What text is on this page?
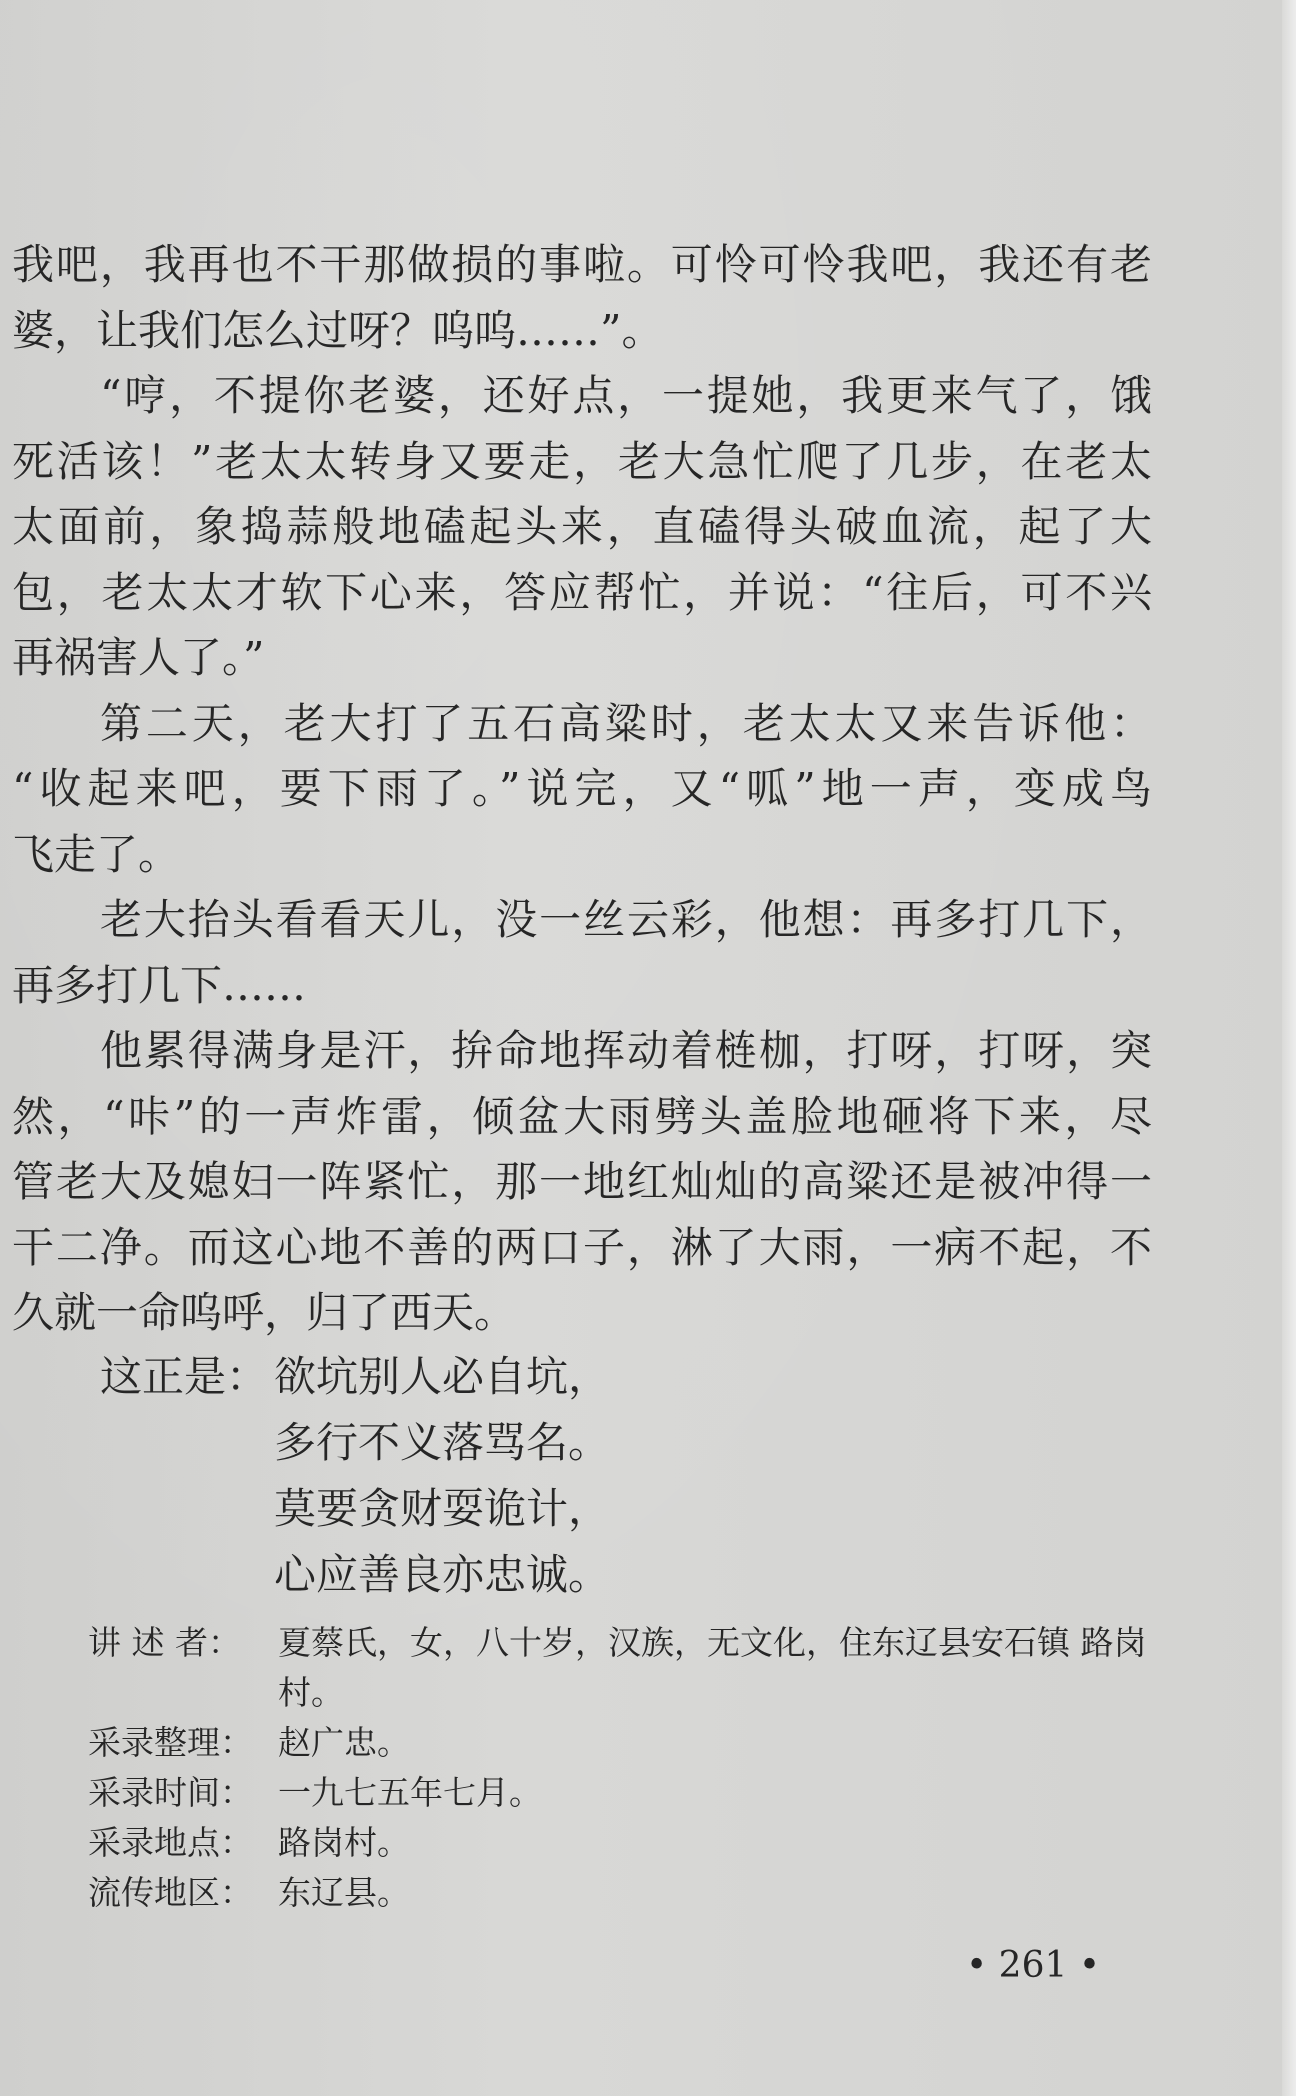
我吧，我再也不干那做损的事啦。可怜可怜我吧，我还有老
婆，让我们怎么过呀？呜呜……”。
“哼，不提你老婆，还好点，一提她，我更来气了，饿
死活该！”老太太转身又要走，老大急忙爬了几步，在老太
太面前，象捣蒜般地磕起头来，直磕得头破血流，起了大
包，老太太才软下心来，答应帮忙，并说：“往后，可不兴
再祸害人了。”
第二天，老大打了五石高粱时，老太太又来告诉他：
“收起来吧，要下雨了。”说完，又“呱”地一声，变成鸟
飞走了。
老大抬头看看天儿，没一丝云彩，他想：再多打几下，
再多打几下……
他累得满身是汗，拚命地挥动着梿枷，打呀，打呀，突
然，“咔”的一声炸雷，倾盆大雨劈头盖脸地砸将下来，尽
管老大及媳妇一阵紧忙，那一地红灿灿的高粱还是被冲得一
干二净。而这心地不善的两口子，淋了大雨，一病不起，不
久就一命呜呼，归了西天。
这正是： 欲坑别人必自坑，
多行不义落骂名。
莫要贪财耍诡计，
心应善良亦忠诚。
讲 述 者：	夏蔡氏，女，八十岁，汉族，无文化，住东辽县安石镇 路岗村。
采录整理： 赵广忠。
采录时间： 一九七五年七月。
采录地点： 路岗村。
流传地区： 东辽县。
• 261 •
